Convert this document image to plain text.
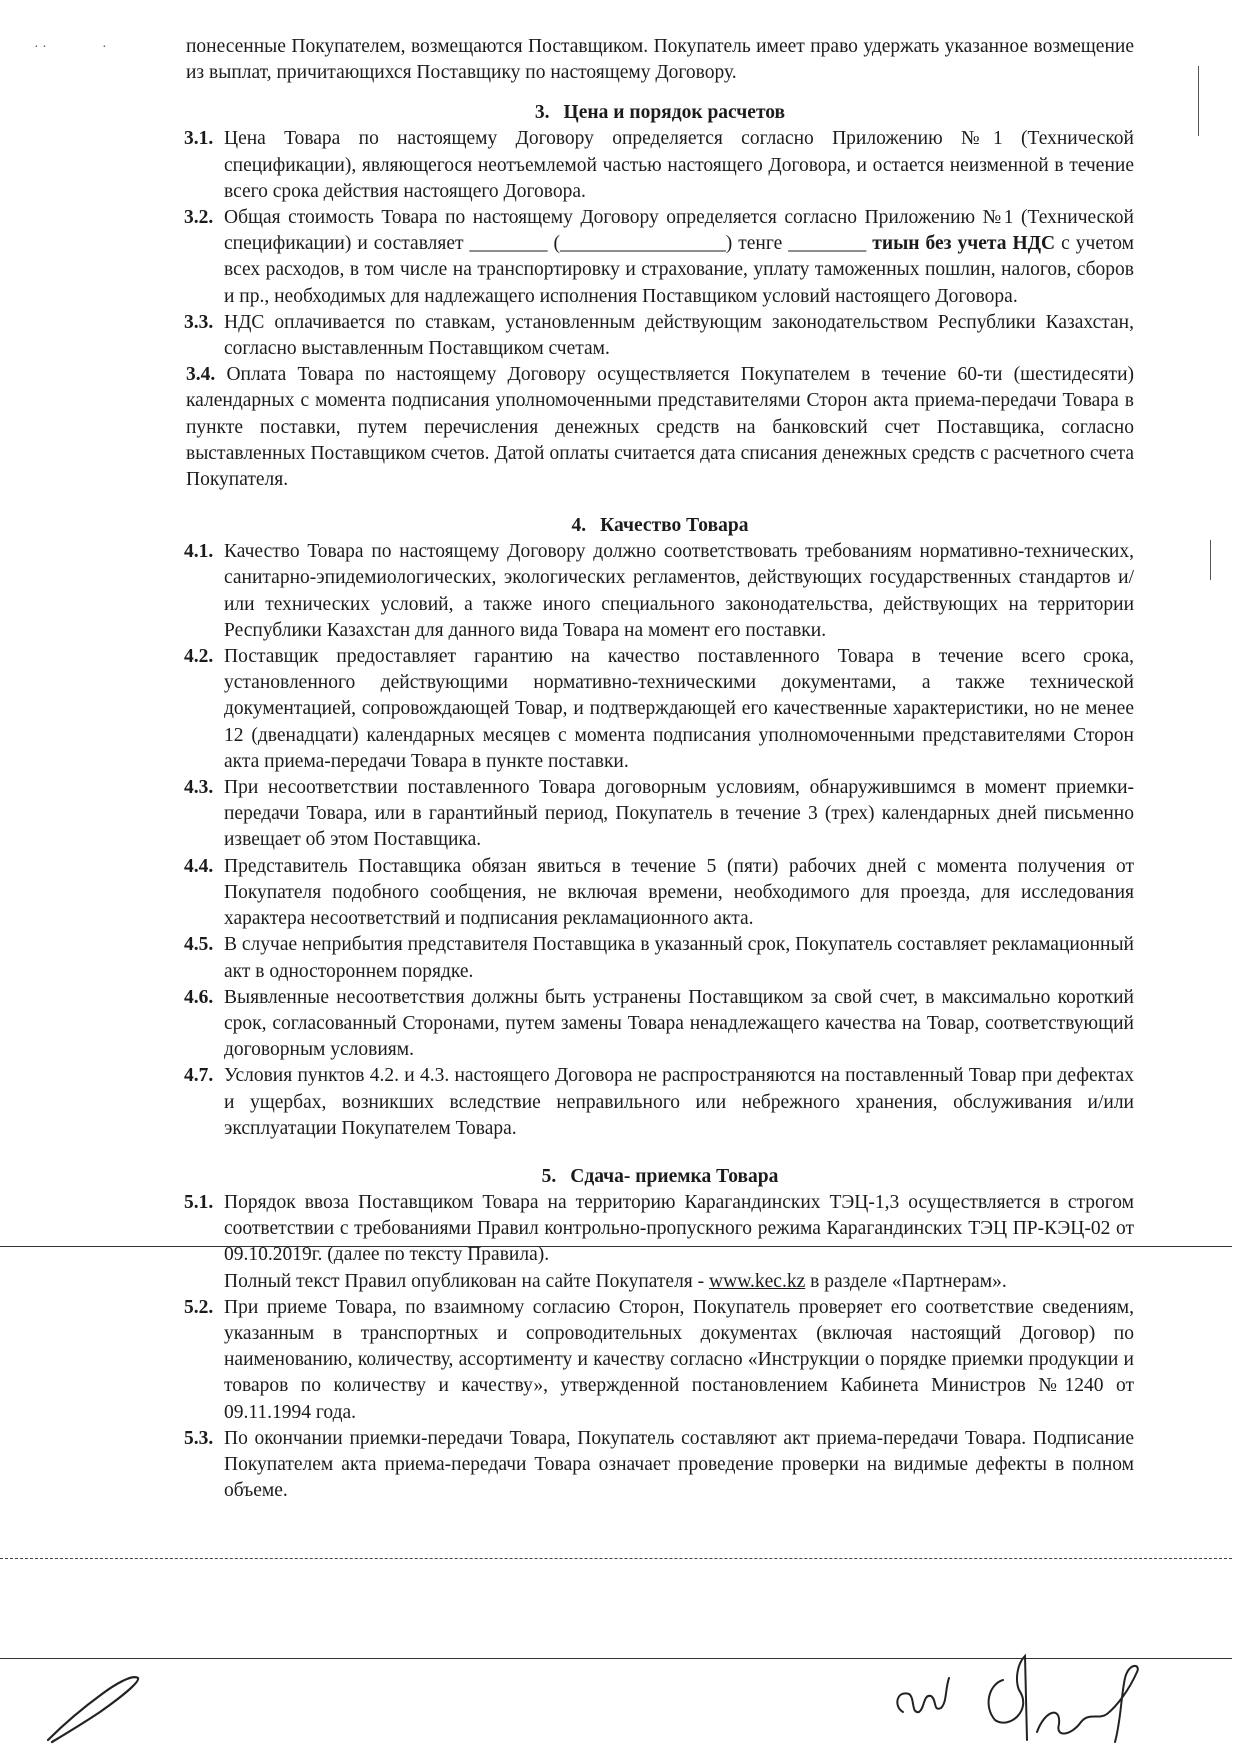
· ·	·	понесенные Покупателем, возмещаются Поставщиком. Покупатель имеет право удержать указанное возмещение из выплат, причитающихся Поставщику по настоящему Договору.

3. Цена и порядок расчетов
3.1. Цена Товара по настоящему Договору определяется согласно Приложению №1 (Технической спецификации), являющегося неотъемлемой частью настоящего Договора, и остается неизменной в течение всего срока действия настоящего Договора.
3.2. Общая стоимость Товара по настоящему Договору определяется согласно Приложению №1 (Технической спецификации) и составляет ________ (_________________) тенге ________ тиын без учета НДС с учетом всех расходов, в том числе на транспортировку и страхование, уплату таможенных пошлин, налогов, сборов и пр., необходимых для надлежащего исполнения Поставщиком условий настоящего Договора.
3.3. НДС оплачивается по ставкам, установленным действующим законодательством Республики Казахстан, согласно выставленным Поставщиком счетам.

3.4. Оплата Товара по настоящему Договору осуществляется Покупателем в течение 60-ти (шестидесяти) календарных с момента подписания уполномоченными представителями Сторон акта приема-передачи Товара в пункте поставки, путем перечисления денежных средств на банковский счет Поставщика, согласно выставленных Поставщиком счетов. Датой оплаты считается дата списания денежных средств с расчетного счета Покупателя.

4. Качество Товара
4.1. Качество Товара по настоящему Договору должно соответствовать требованиям нормативно-технических, санитарно-эпидемиологических, экологических регламентов, действующих государственных стандартов и/или технических условий, а также иного специального законодательства, действующих на территории Республики Казахстан для данного вида Товара на момент его поставки.
4.2. Поставщик предоставляет гарантию на качество поставленного Товара в течение всего срока, установленного действующими нормативно-техническими документами, а также технической документацией, сопровождающей Товар, и подтверждающей его качественные характеристики, но не менее 12 (двенадцати) календарных месяцев с момента подписания уполномоченными представителями Сторон акта приема-передачи Товара в пункте поставки.
4.3. При несоответствии поставленного Товара договорным условиям, обнаружившимся в момент приемки-передачи Товара, или в гарантийный период, Покупатель в течение 3 (трех) календарных дней письменно извещает об этом Поставщика.
4.4. Представитель Поставщика обязан явиться в течение 5 (пяти) рабочих дней с момента получения от Покупателя подобного сообщения, не включая времени, необходимого для проезда, для исследования характера несоответствий и подписания рекламационного акта.
4.5. В случае неприбытия представителя Поставщика в указанный срок, Покупатель составляет рекламационный акт в одностороннем порядке.
4.6. Выявленные несоответствия должны быть устранены Поставщиком за свой счет, в максимально короткий срок, согласованный Сторонами, путем замены Товара ненадлежащего качества на Товар, соответствующий договорным условиям.
4.7. Условия пунктов 4.2. и 4.3. настоящего Договора не распространяются на поставленный Товар при дефектах и ущербах, возникших вследствие неправильного или небрежного хранения, обслуживания и/или эксплуатации Покупателем Товара.
5. Сдача- приемка Товара
5.1. Порядок ввоза Поставщиком Товара на территорию Карагандинских ТЭЦ-1,3 осуществляется в строгом соответствии с требованиями Правил контрольно-пропускного режима Карагандинских ТЭЦ ПР-КЭЦ-02 от 09.10.2019г. (далее по тексту Правила).

Полный текст Правил опубликован на сайте Покупателя - www.kec.kz в разделе «Партнерам».

5.2. При приеме Товара, по взаимному согласию Сторон, Покупатель проверяет его соответствие сведениям, указанным в транспортных и сопроводительных документах (включая настоящий Договор) по наименованию, количеству, ассортименту и качеству согласно «Инструкции о порядке приемки продукции и товаров по количеству и качеству», утвержденной постановлением Кабинета Министров №1240 от 09.11.1994 года.
5.3. По окончании приемки-передачи Товара, Покупатель составляют акт приема-передачи Товара. Подписание Покупателем акта приема-передачи Товара означает проведение проверки на видимые дефекты в полном объеме.
